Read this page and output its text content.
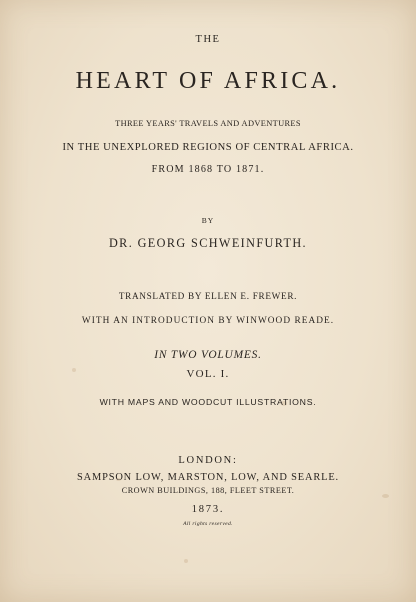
THE
HEART OF AFRICA.
THREE YEARS' TRAVELS AND ADVENTURES
IN THE UNEXPLORED REGIONS OF CENTRAL AFRICA.
FROM 1868 TO 1871.
BY
DR. GEORG SCHWEINFURTH.
TRANSLATED BY ELLEN E. FREWER.
WITH AN INTRODUCTION BY WINWOOD READE.
IN TWO VOLUMES.
VOL. I.
WITH MAPS AND WOODCUT ILLUSTRATIONS.
LONDON:
SAMPSON LOW, MARSTON, LOW, AND SEARLE.
CROWN BUILDINGS, 188, FLEET STREET.
1873.
All rights reserved.
